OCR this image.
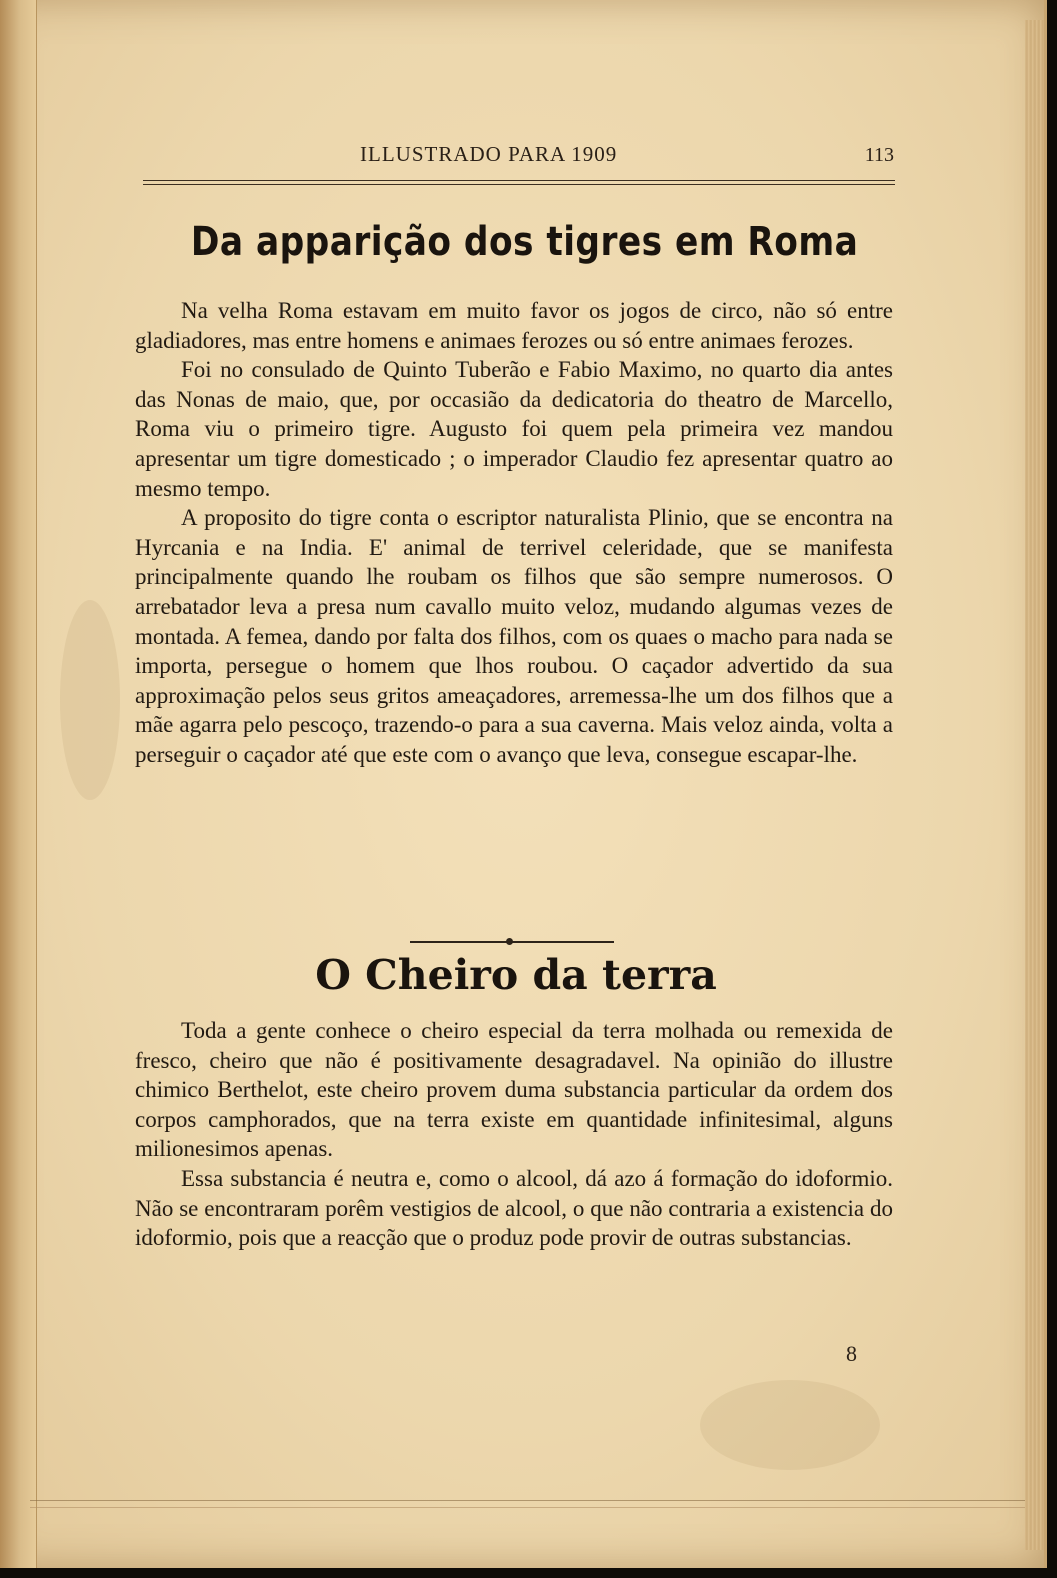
ILLUSTRADO PARA 1909	113
Da apparição dos tigres em Roma

Na velha Roma estavam em muito favor os jogos de circo, não só entre gladiadores, mas entre homens e animaes ferozes ou só entre animaes ferozes.

Foi no consulado de Quinto Tuberão e Fabio Maximo, no quarto dia antes das Nonas de maio, que, por occasião da dedicatoria do theatro de Marcello, Roma viu o primeiro tigre. Augusto foi quem pela primeira vez mandou apresentar um tigre domesticado ; o imperador Claudio fez apresentar quatro ao mesmo tempo.

A proposito do tigre conta o escriptor naturalista Plinio, que se encontra na Hyrcania e na India. E' animal de terrivel celeridade, que se manifesta principalmente quando lhe roubam os filhos que são sempre numerosos. O arrebatador leva a presa num cavallo muito veloz, mudando algumas vezes de montada. A femea, dando por falta dos filhos, com os quaes o macho para nada se importa, persegue o homem que lhos roubou. O caçador advertido da sua approximação pelos seus gritos ameaçadores, arremessa-lhe um dos filhos que a mãe agarra pelo pescoço, trazendo-o para a sua caverna. Mais veloz ainda, volta a perseguir o caçador até que este com o avanço que leva, consegue escapar-lhe.

O Cheiro da terra

Toda a gente conhece o cheiro especial da terra molhada ou remexida de fresco, cheiro que não é positivamente desagradavel. Na opinião do illustre chimico Berthelot, este cheiro provem duma substancia particular da ordem dos corpos camphorados, que na terra existe em quantidade infinitesimal, alguns milionesimos apenas.

Essa substancia é neutra e, como o alcool, dá azo á formação do idoformio. Não se encontraram porêm vestigios de alcool, o que não contraria a existencia do idoformio, pois que a reacção que o produz pode provir de outras substancias.

8
